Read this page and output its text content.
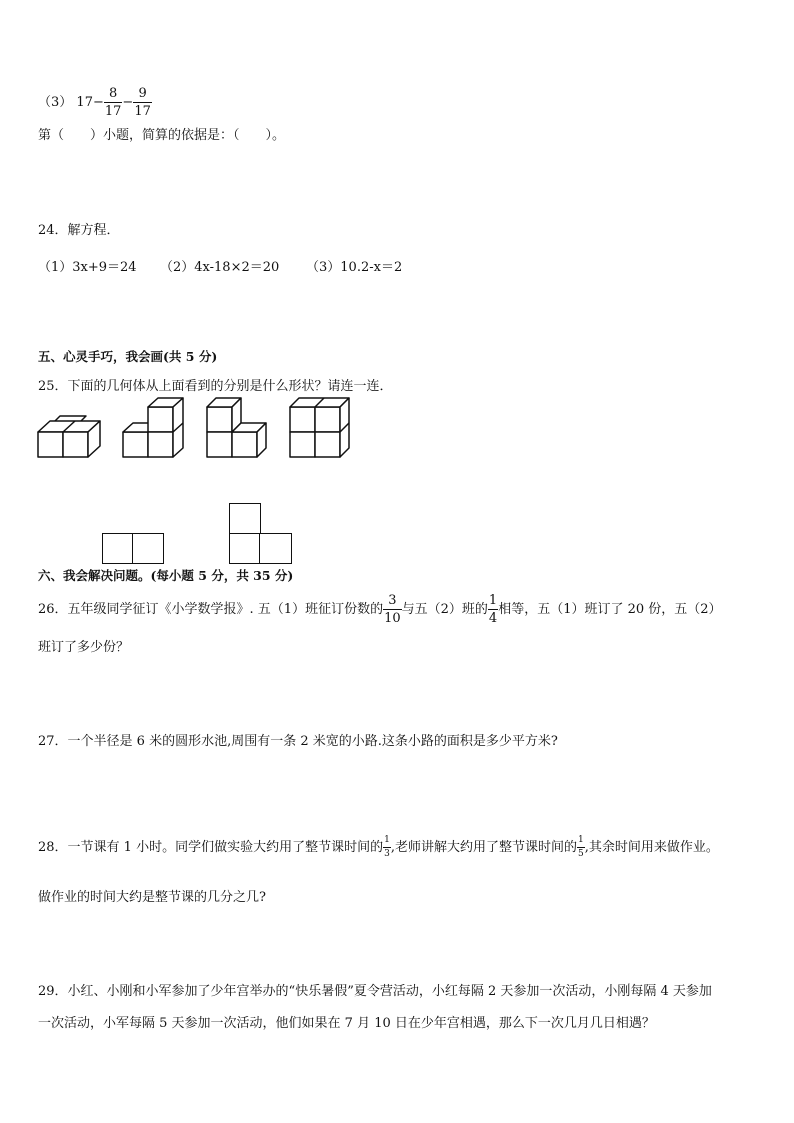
（3） $17- \frac{8}{17} - \frac{9}{17}$
第（　　）小题，简算的依据是：（　　）。
24．解方程．
（1）3x+9＝24 （2）4x-18×2＝20 （3）10.2-x＝2
五、心灵手巧，我会画(共 5 分)
25．下面的几何体从上面看到的分别是什么形状？请连一连．
六、我会解决问题。(每小题 5 分，共 35 分)
26．五年级同学征订《小学数学报》. 五（1）班征订份数的 $\frac{3}{10}$ 与五（2）班的 $\frac{1}{4}$ 相等，五（1）班订了 20 份，五（2）
班订了多少份？
27．一个半径是 6 米的圆形水池,周围有一条 2 米宽的小路.这条小路的面积是多少平方米?
28．一节课有 1 小时。同学们做实验大约用了整节课时间的 $\frac{1}{3}$ ,老师讲解大约用了整节课时间的 $\frac{1}{5}$ ,其余时间用来做作业。
做作业的时间大约是整节课的几分之几?
29．小红、小刚和小军参加了少年宫举办的“快乐暑假”夏令营活动，小红每隔 2 天参加一次活动，小刚每隔 4 天参加
一次活动，小军每隔 5 天参加一次活动，他们如果在 7 月 10 日在少年宫相遇，那么下一次几月几日相遇？
